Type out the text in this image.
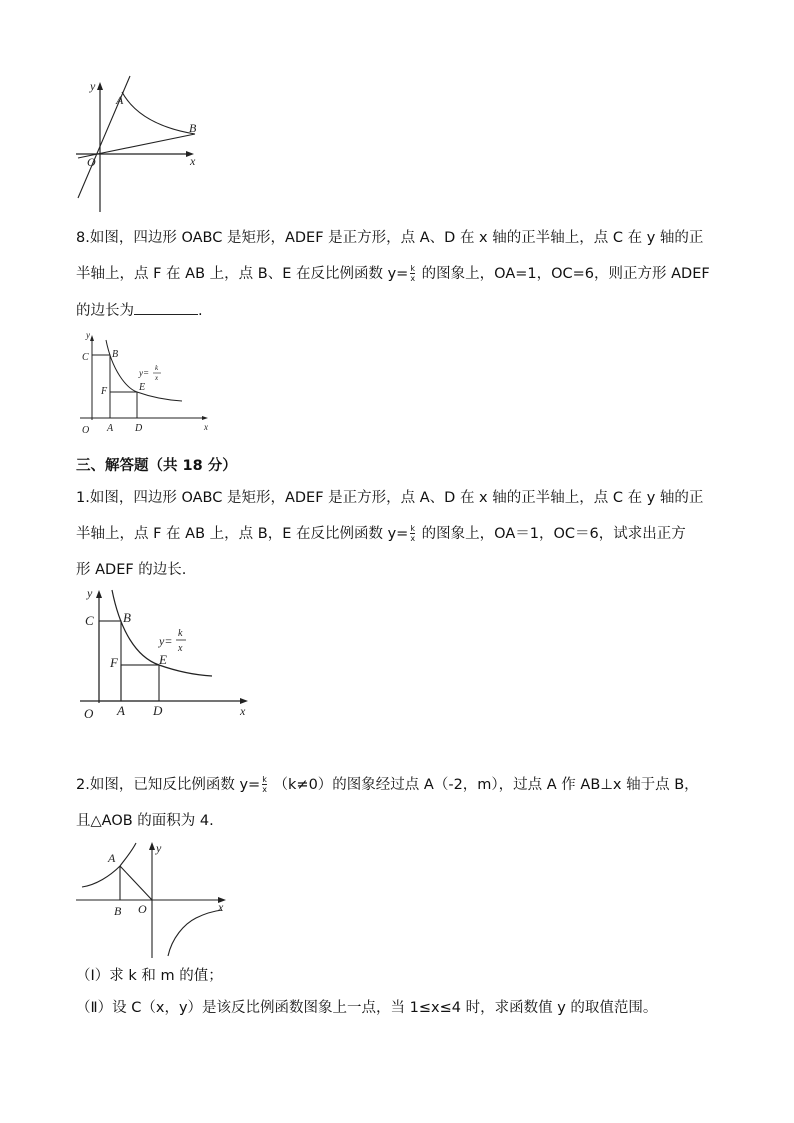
y
A
B
O	x
8.如图，四边形 OABC 是矩形，ADEF 是正方形，点 A、D 在 x 轴的正半轴上，点 C 在 y 轴的正
半轴上，点 F 在 AB 上，点 B、E 在反比例函数 $y= \frac{k}{x}$ 的图象上，OA=1，OC=6，则正方形 ADEF
的边长为	.
y
C B
F	E
y= k
x
O A D	x
三、解答题（共 18 分）
1.如图，四边形 OABC 是矩形，ADEF 是正方形，点 A、D 在 x 轴的正半轴上，点 C 在 y 轴的正
半轴上，点 F 在 AB 上，点 B，E 在反比例函数 $y= \frac{k}{x}$ 的图象上，OA＝1，OC＝6，试求出正方
形 ADEF 的边长.
y
C B
F	E
y=
k
x
O A D	x
2.如图，已知反比例函数 $y= \frac{k}{x} (k\ne 0)$的图象经过点 A（-2，m），过点 A 作 AB⊥x 轴于点 B，
且△AOB 的面积为 4.
A
y
B O	x
（Ⅰ）求 k 和 m 的值；
（Ⅱ）设 C（x，y）是该反比例函数图象上一点，当 1≤x≤4 时，求函数值 y 的取值范围。
